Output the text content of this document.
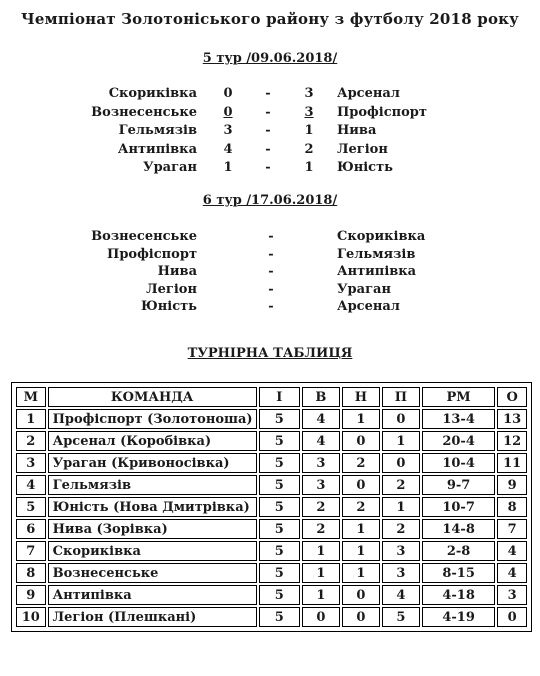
Чемпіонат Золотоніського району з футболу 2018 року
5 тур /09.06.2018/
Скориківка 0	-	3 Арсенал
Вознесенське 0	-	3 Профіспорт
Гельмязів 3	-	1 Нива
Антипівка 4	-	2 Легіон
Ураган 1	-	1 Юність
6 тур /17.06.2018/
Вознесенське	-	Скориківка
Профіспорт	-	Гельмязів
Нива	-	Антипівка
Легіон	-	Ураган
Юність	-	Арсенал
ТУРНІРНА ТАБЛИЦЯ
М	КОМАНДА	І	В	Н	П	РМ	О
1	Профіспорт (Золотоноша)	5	4	1	0	13-4	13
2	Арсенал (Коробівка)	5	4	0	1	20-4	12
3	Ураган (Кривоносівка)	5	3	2	0	10-4	11
4	Гельмязів	5	3	0	2	9-7	9
5	Юність (Нова Дмитрівка)	5	2	2	1	10-7	8
6	Нива (Зорівка)	5	2	1	2	14-8	7
7	Скориківка	5	1	1	3	2-8	4
8	Вознесенське	5	1	1	3	8-15	4
9	Антипівка	5	1	0	4	4-18	3
10	Легіон (Плешкані)	5	0	0	5	4-19	0
